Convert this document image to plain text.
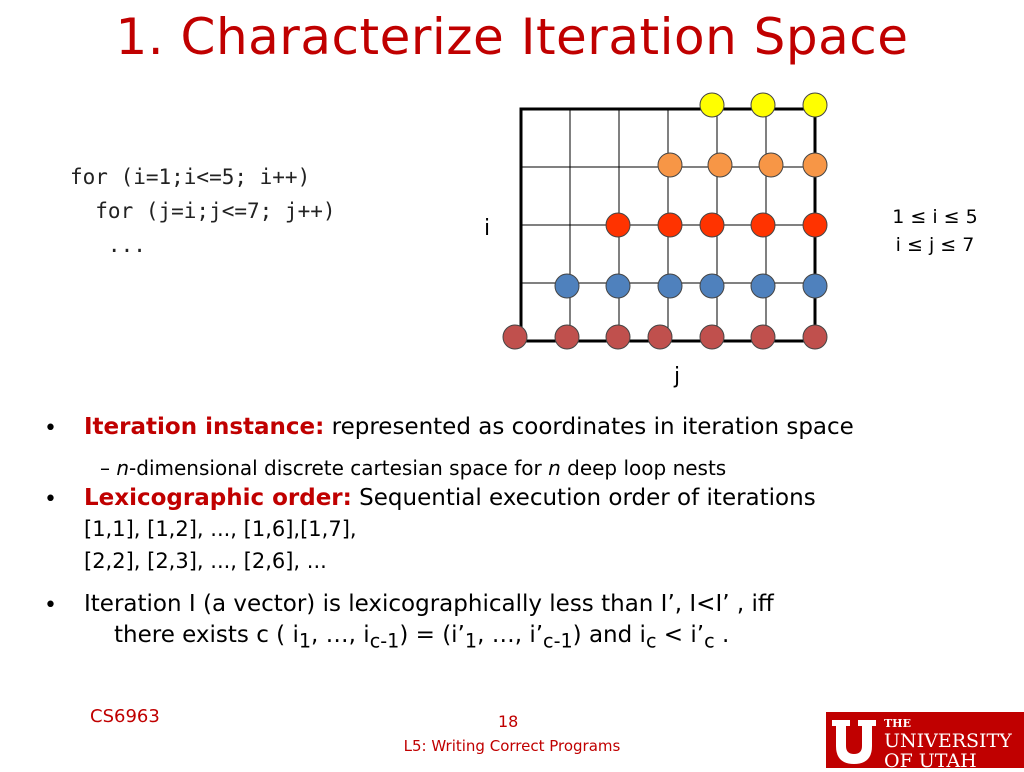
1. Characterize Iteration Space
for (i=1;i<=5; i++)
for (j=i;j<=7; j++)
...
i
j
1 ≤ i ≤ 5
i ≤ j ≤ 7
• Iteration instance: represented as coordinates in iteration space
– n-dimensional discrete cartesian space for n deep loop nests
• Lexicographic order: Sequential execution order of iterations
[1,1], [1,2], ..., [1,6],[1,7],
[2,2], [2,3], ..., [2,6], ...
• Iteration I (a vector) is lexicographically less than I’, I<I’ , iff
there exists c ( $i_1$, …, $i_{c-1}$) = ($i’_1$, …, $i’_{c-1}$) and $i_c$ < $i’_c$ .
CS6963	18
L5: Writing Correct Programs
THE
UNIVERSITY
OF UTAH
